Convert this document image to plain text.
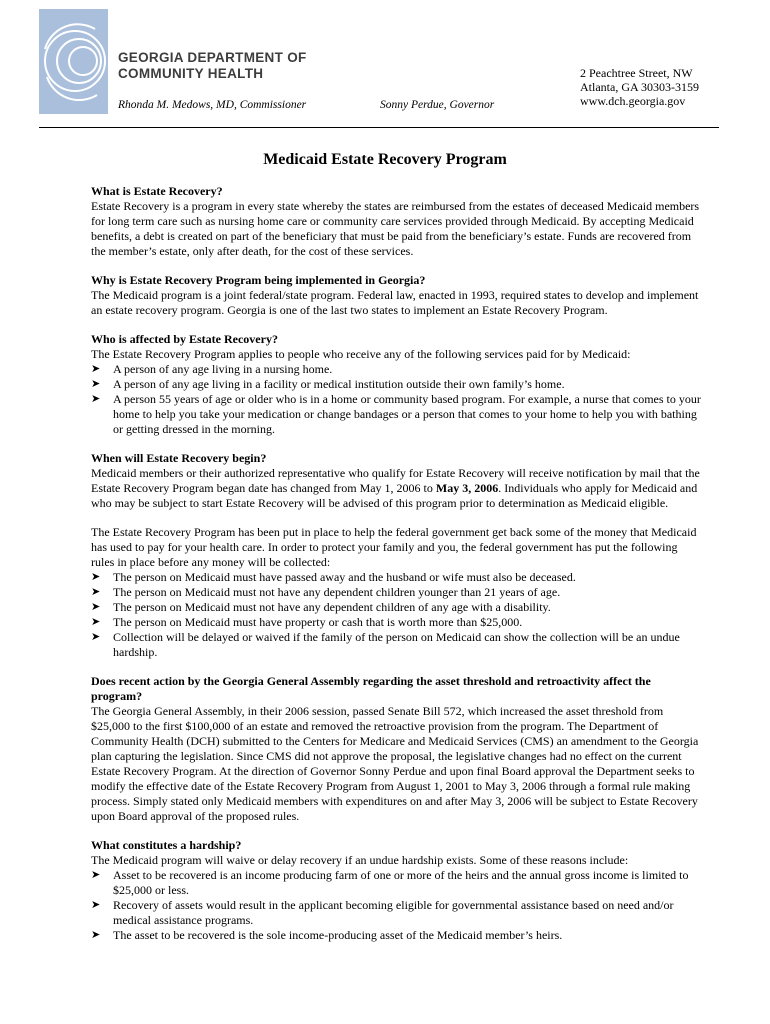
GEORGIA DEPARTMENT OF
COMMUNITY HEALTH
Rhonda M. Medows, MD, Commissioner	Sonny Perdue, Governor
2 Peachtree Street, NW
Atlanta, GA 30303-3159
www.dch.georgia.gov
Medicaid Estate Recovery Program
What is Estate Recovery?
Estate Recovery is a program in every state whereby the states are reimbursed from the estates of deceased Medicaid members for long term care such as nursing home care or community care services provided through Medicaid. By accepting Medicaid benefits, a debt is created on part of the beneficiary that must be paid from the beneficiary’s estate. Funds are recovered from the member’s estate, only after death, for the cost of these services.
Why is Estate Recovery Program being implemented in Georgia?
The Medicaid program is a joint federal/state program. Federal law, enacted in 1993, required states to develop and implement an estate recovery program. Georgia is one of the last two states to implement an Estate Recovery Program.
Who is affected by Estate Recovery?
The Estate Recovery Program applies to people who receive any of the following services paid for by Medicaid:
➤ A person of any age living in a nursing home.
➤ A person of any age living in a facility or medical institution outside their own family’s home.
➤ A person 55 years of age or older who is in a home or community based program. For example, a nurse that comes to your home to help you take your medication or change bandages or a person that comes to your home to help you with bathing or getting dressed in the morning.
When will Estate Recovery begin?
Medicaid members or their authorized representative who qualify for Estate Recovery will receive notification by mail that the Estate Recovery Program began date has changed from May 1, 2006 to May 3, 2006. Individuals who apply for Medicaid and who may be subject to start Estate Recovery will be advised of this program prior to determination as Medicaid eligible.
The Estate Recovery Program has been put in place to help the federal government get back some of the money that Medicaid has used to pay for your health care. In order to protect your family and you, the federal government has put the following rules in place before any money will be collected:
➤ The person on Medicaid must have passed away and the husband or wife must also be deceased.
➤ The person on Medicaid must not have any dependent children younger than 21 years of age.
➤ The person on Medicaid must not have any dependent children of any age with a disability.
➤ The person on Medicaid must have property or cash that is worth more than $25,000.
➤ Collection will be delayed or waived if the family of the person on Medicaid can show the collection will be an undue hardship.
Does recent action by the Georgia General Assembly regarding the asset threshold and retroactivity affect the program?
The Georgia General Assembly, in their 2006 session, passed Senate Bill 572, which increased the asset threshold from $25,000 to the first $100,000 of an estate and removed the retroactive provision from the program. The Department of Community Health (DCH) submitted to the Centers for Medicare and Medicaid Services (CMS) an amendment to the Georgia plan capturing the legislation. Since CMS did not approve the proposal, the legislative changes had no effect on the current Estate Recovery Program. At the direction of Governor Sonny Perdue and upon final Board approval the Department seeks to modify the effective date of the Estate Recovery Program from August 1, 2001 to May 3, 2006 through a formal rule making process. Simply stated only Medicaid members with expenditures on and after May 3, 2006 will be subject to Estate Recovery upon Board approval of the proposed rules.
What constitutes a hardship?
The Medicaid program will waive or delay recovery if an undue hardship exists. Some of these reasons include:
➤ Asset to be recovered is an income producing farm of one or more of the heirs and the annual gross income is limited to $25,000 or less.
➤ Recovery of assets would result in the applicant becoming eligible for governmental assistance based on need and/or medical assistance programs.
➤ The asset to be recovered is the sole income-producing asset of the Medicaid member’s heirs.
